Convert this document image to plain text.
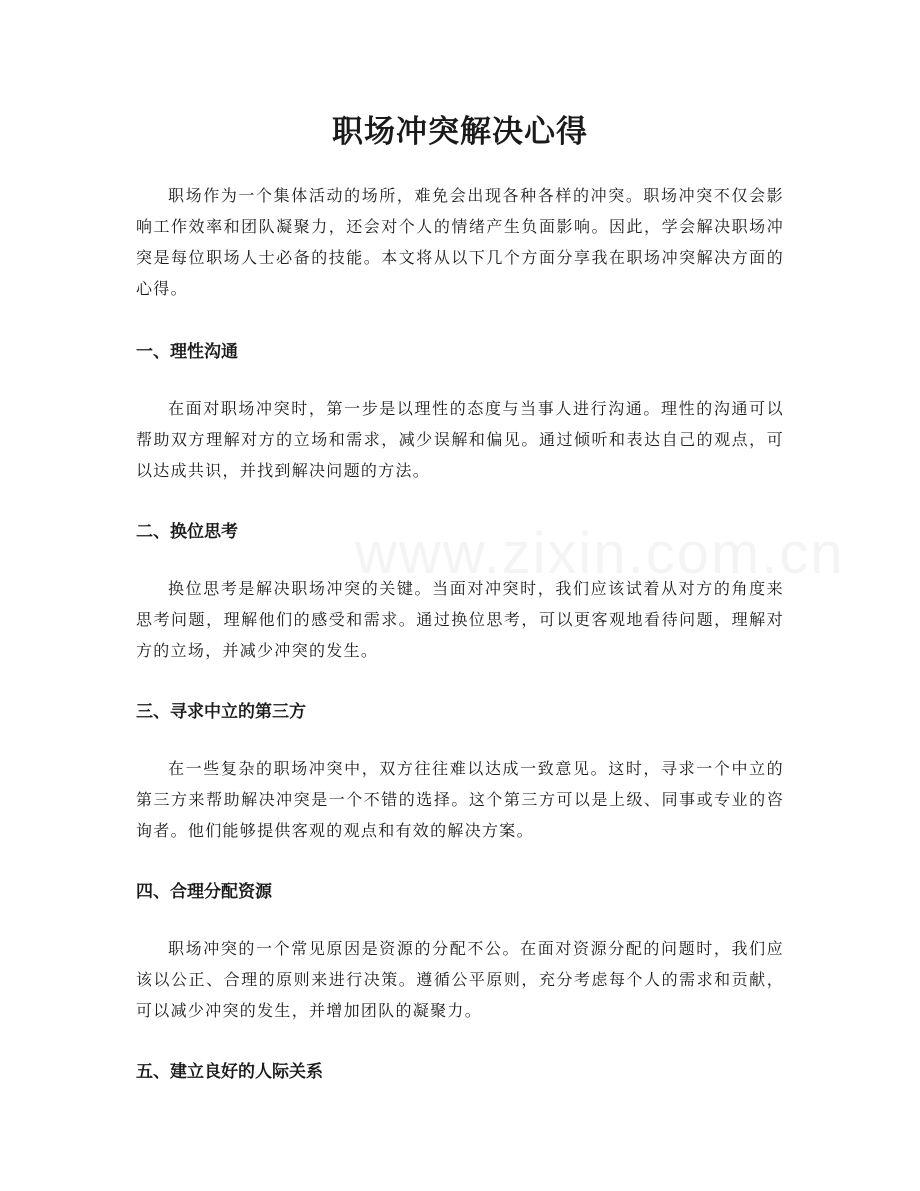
职场冲突解决心得

职场作为一个集体活动的场所，难免会出现各种各样的冲突。职场冲突不仅会影响工作效率和团队凝聚力，还会对个人的情绪产生负面影响。因此，学会解决职场冲突是每位职场人士必备的技能。本文将从以下几个方面分享我在职场冲突解决方面的心得。

一、理性沟通

在面对职场冲突时，第一步是以理性的态度与当事人进行沟通。理性的沟通可以帮助双方理解对方的立场和需求，减少误解和偏见。通过倾听和表达自己的观点，可以达成共识，并找到解决问题的方法。

二、换位思考

换位思考是解决职场冲突的关键。当面对冲突时，我们应该试着从对方的角度来思考问题，理解他们的感受和需求。通过换位思考，可以更客观地看待问题，理解对方的立场，并减少冲突的发生。

三、寻求中立的第三方

在一些复杂的职场冲突中，双方往往难以达成一致意见。这时，寻求一个中立的第三方来帮助解决冲突是一个不错的选择。这个第三方可以是上级、同事或专业的咨询者。他们能够提供客观的观点和有效的解决方案。

四、合理分配资源

职场冲突的一个常见原因是资源的分配不公。在面对资源分配的问题时，我们应该以公正、合理的原则来进行决策。遵循公平原则，充分考虑每个人的需求和贡献，可以减少冲突的发生，并增加团队的凝聚力。

五、建立良好的人际关系
